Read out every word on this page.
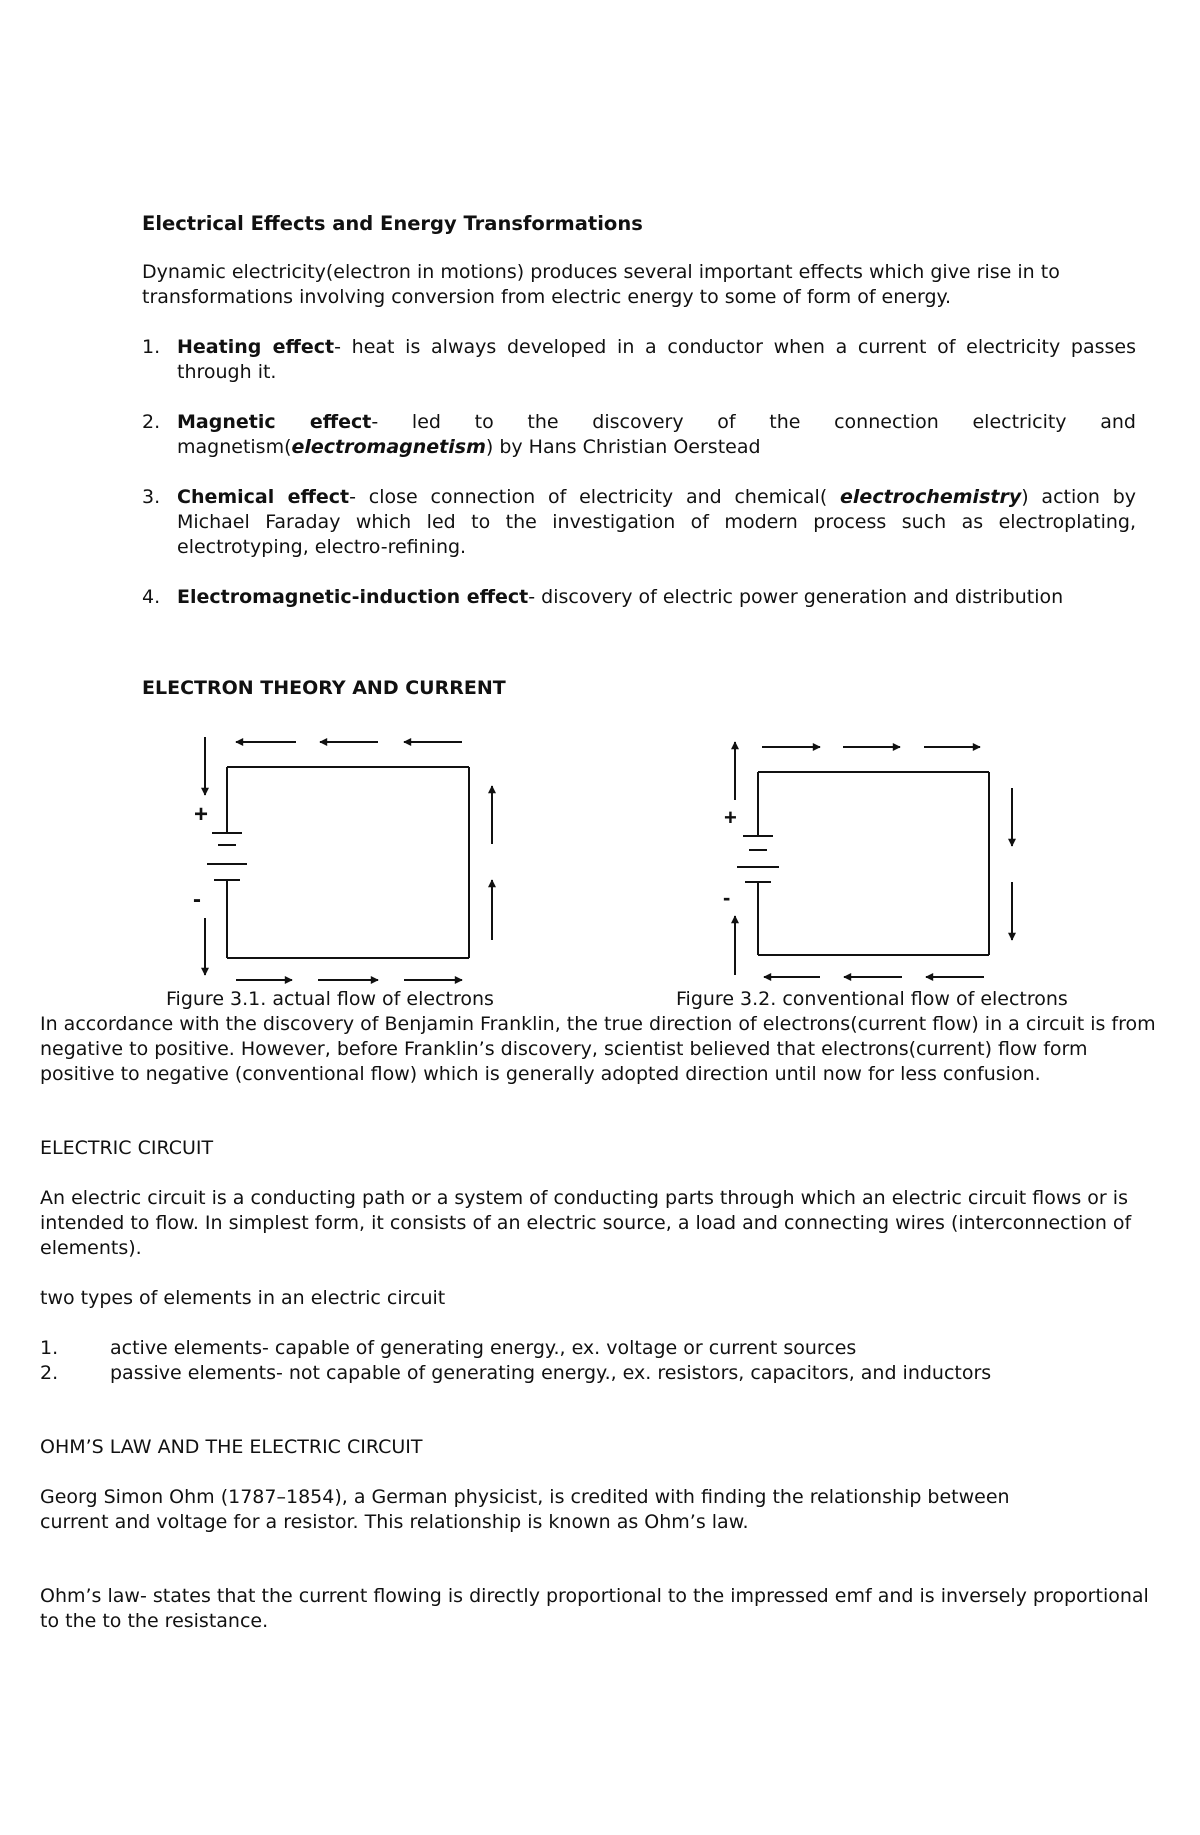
Electrical Effects and Energy Transformations
Dynamic electricity(electron in motions) produces several important effects which give rise in to transformations involving conversion from electric energy to some of form of energy.
1. Heating effect- heat is always developed in a conductor when a current of electricity passes through it.
2. Magnetic effect- led to the discovery of the connection electricity and magnetism(electromagnetism) by Hans Christian Oerstead
3. Chemical effect- close connection of electricity and chemical( electrochemistry) action by Michael Faraday which led to the investigation of modern process such as electroplating, electrotyping, electro-refining.
4. Electromagnetic-induction effect- discovery of electric power generation and distribution
ELECTRON THEORY AND CURRENT
+
-
+
-
Figure 3.1. actual flow of electrons	Figure 3.2. conventional flow of electrons
In accordance with the discovery of Benjamin Franklin, the true direction of electrons(current flow) in a circuit is from negative to positive. However, before Franklin’s discovery, scientist believed that electrons(current) flow form positive to negative (conventional flow) which is generally adopted direction until now for less confusion.
ELECTRIC CIRCUIT
An electric circuit is a conducting path or a system of conducting parts through which an electric circuit flows or is intended to flow. In simplest form, it consists of an electric source, a load and connecting wires (interconnection of elements).
two types of elements in an electric circuit
1.	active elements- capable of generating energy., ex. voltage or current sources
2.	passive elements- not capable of generating energy., ex. resistors, capacitors, and inductors
OHM’S LAW AND THE ELECTRIC CIRCUIT
Georg Simon Ohm (1787–1854), a German physicist, is credited with finding the relationship between
current and voltage for a resistor. This relationship is known as Ohm’s law.
Ohm’s law- states that the current flowing is directly proportional to the impressed emf and is inversely proportional to the to the resistance.
